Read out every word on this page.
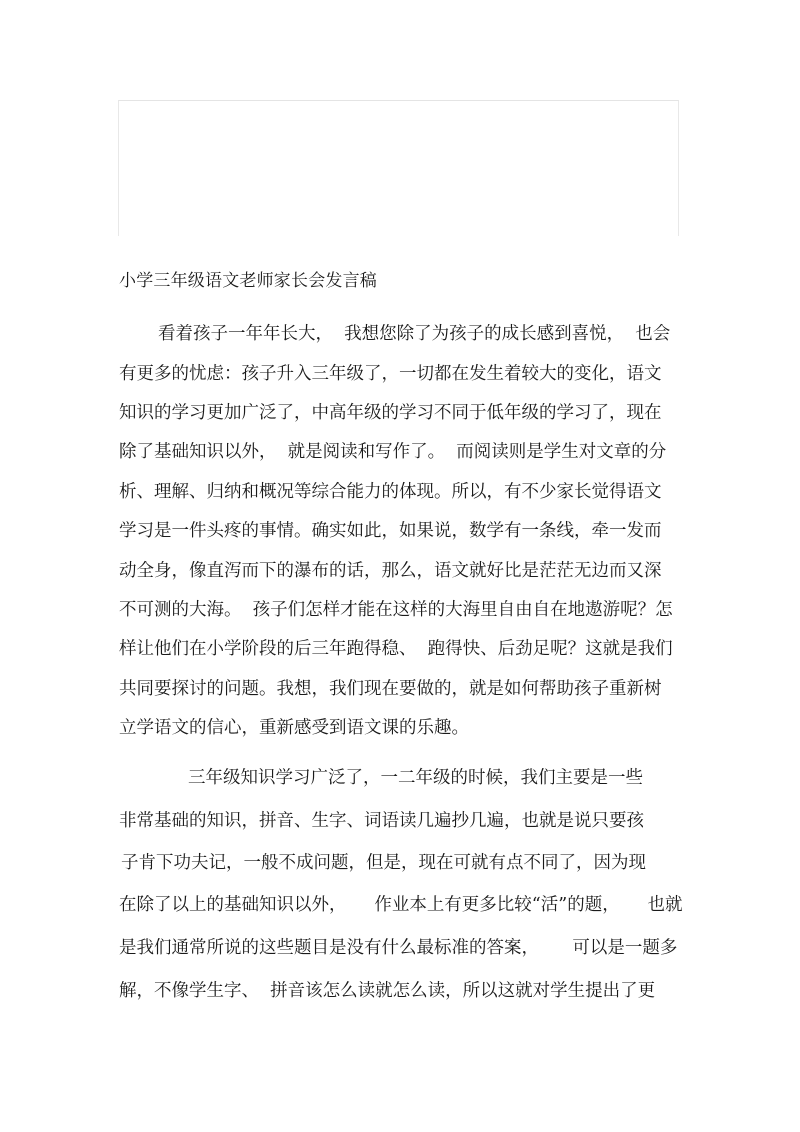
小学三年级语文老师家长会发言稿
看着孩子一年年长大，  我想您除了为孩子的成长感到喜悦，  也会
有更多的忧虑：孩子升入三年级了，一切都在发生着较大的变化，语文
知识的学习更加广泛了，中高年级的学习不同于低年级的学习了，现在
除了基础知识以外，  就是阅读和写作了。  而阅读则是学生对文章的分
析、理解、归纳和概况等综合能力的体现。所以，有不少家长觉得语文
学习是一件头疼的事情。确实如此，如果说，数学有一条线，牵一发而
动全身，像直泻而下的瀑布的话，那么，语文就好比是茫茫无边而又深
不可测的大海。  孩子们怎样才能在这样的大海里自由自在地遨游呢？怎
样让他们在小学阶段的后三年跑得稳、  跑得快、后劲足呢？这就是我们
共同要探讨的问题。我想，我们现在要做的，就是如何帮助孩子重新树
立学语文的信心，重新感受到语文课的乐趣。
三年级知识学习广泛了，一二年级的时候，我们主要是一些
非常基础的知识，拼音、生字、词语读几遍抄几遍，也就是说只要孩
子肯下功夫记，一般不成问题，但是，现在可就有点不同了，因为现
在除了以上的基础知识以外，     作业本上有更多比较“活”的题，     也就
是我们通常所说的这些题目是没有什么最标准的答案，      可以是一题多
解，不像学生字、  拼音该怎么读就怎么读，所以这就对学生提出了更
